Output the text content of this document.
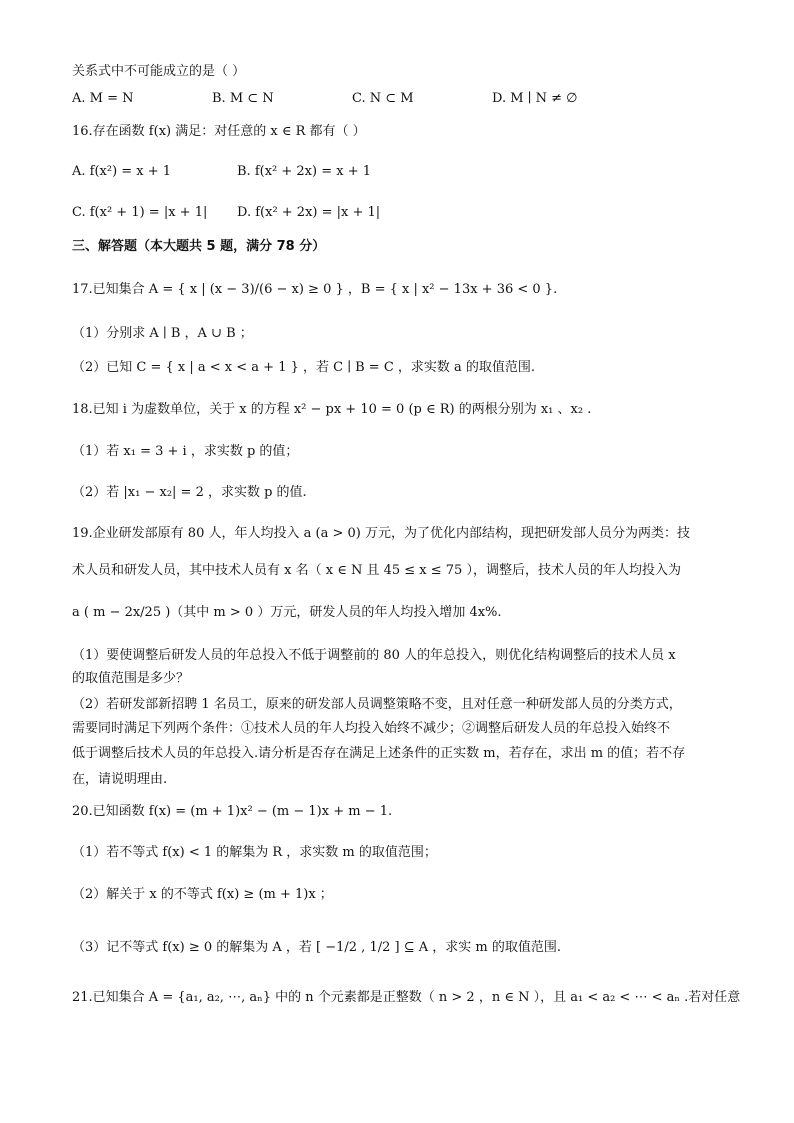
关系式中不可能成立的是（ ）
A. M = N	B. M ⊂ N	C. N ⊂ M	D. M ∣ N ≠ ∅
16.存在函数 f(x) 满足：对任意的 x ∈ R 都有（ ）
A. f(x²) = x + 1	B. f(x² + 2x) = x + 1
C. f(x² + 1) = |x + 1| D. f(x² + 2x) = |x + 1|
三、解答题（本大题共 5 题，满分 78 分）
17.已知集合 A = { x | (x − 3)/(6 − x) ≥ 0 } ，B = { x | x² − 13x + 36 < 0 }.
（1）分别求 A ∣ B ，A ∪ B ；
（2）已知 C = { x | a < x < a + 1 } ，若 C ∣ B = C ，求实数 a 的取值范围.
18.已知 i 为虚数单位，关于 x 的方程 x² − px + 10 = 0 (p ∈ R) 的两根分别为 x₁ 、x₂ .
（1）若 x₁ = 3 + i ，求实数 p 的值；
（2）若 |x₁ − x₂| = 2 ，求实数 p 的值.
19.企业研发部原有 80 人，年人均投入 a (a > 0) 万元，为了优化内部结构，现把研发部人员分为两类：技
术人员和研发人员，其中技术人员有 x 名（ x ∈ N 且 45 ≤ x ≤ 75 ），调整后，技术人员的年人均投入为
a ( m − 2x/25 )（其中 m > 0 ）万元，研发人员的年人均投入增加 4x%.
（1）要使调整后研发人员的年总投入不低于调整前的 80 人的年总投入，则优化结构调整后的技术人员 x
的取值范围是多少？
（2）若研发部新招聘 1 名员工，原来的研发部人员调整策略不变，且对任意一种研发部人员的分类方式，
需要同时满足下列两个条件：①技术人员的年人均投入始终不减少；②调整后研发人员的年总投入始终不
低于调整后技术人员的年总投入.请分析是否存在满足上述条件的正实数 m，若存在，求出 m 的值；若不存
在，请说明理由.
20.已知函数 f(x) = (m + 1)x² − (m − 1)x + m − 1.
（1）若不等式 f(x) < 1 的解集为 R ，求实数 m 的取值范围；
（2）解关于 x 的不等式 f(x) ≥ (m + 1)x ；
（3）记不等式 f(x) ≥ 0 的解集为 A ，若 [ −1/2 , 1/2 ] ⊆ A ，求实 m 的取值范围.
21.已知集合 A = {a₁, a₂, ⋯, aₙ} 中的 n 个元素都是正整数（ n > 2 ，n ∈ N ），且 a₁ < a₂ < ⋯ < aₙ .若对任意
